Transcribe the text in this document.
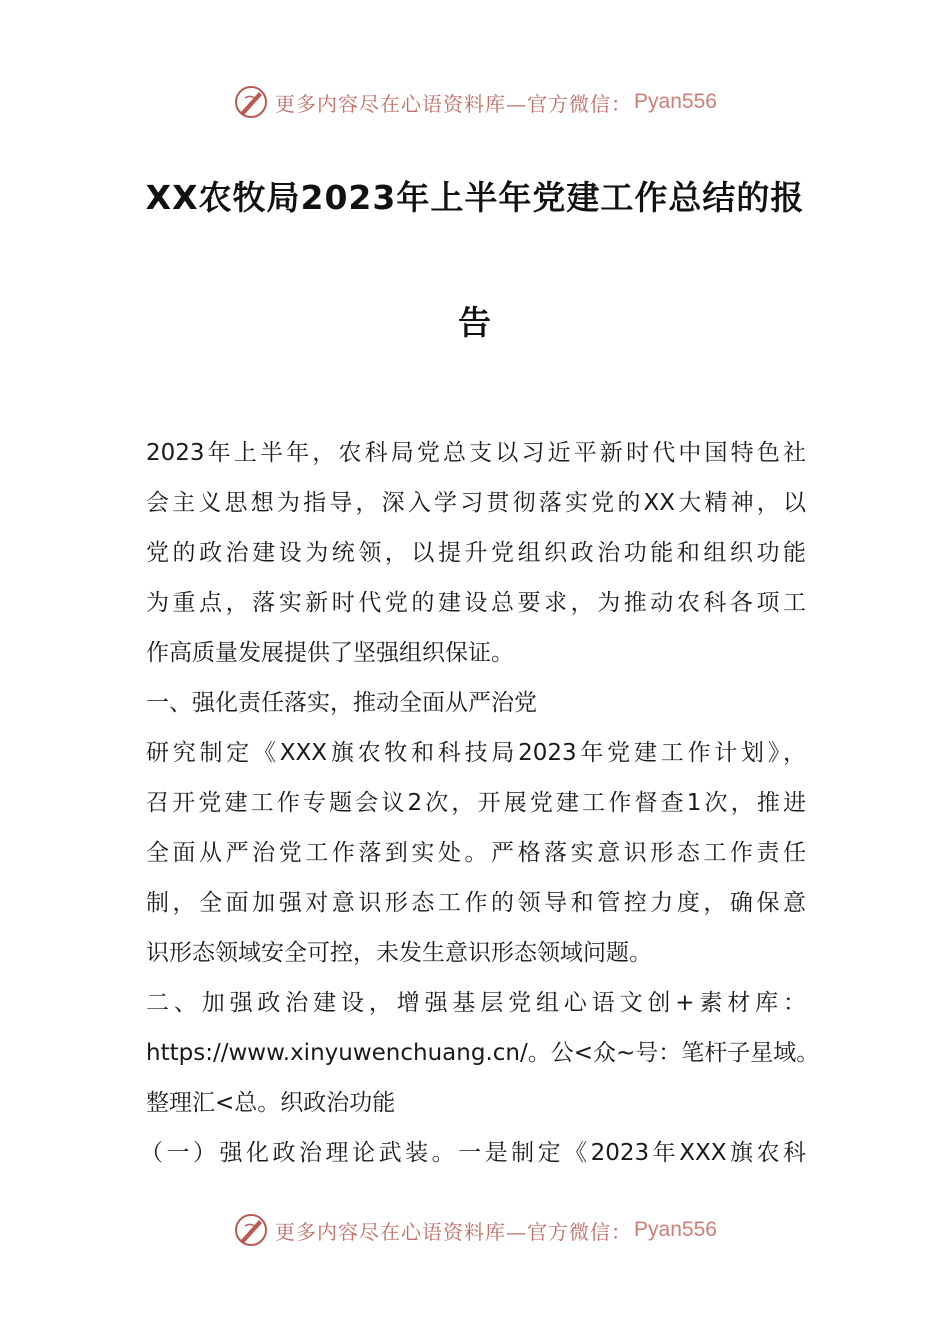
更多内容尽在心语资料库—官方微信： Pyan556
XX农牧局2023年上半年党建工作总结的报
告
2023年上半年，农科局党总支以习近平新时代中国特色社
会主义思想为指导，深入学习贯彻落实党的XX大精神，以
党的政治建设为统领，以提升党组织政治功能和组织功能
为重点，落实新时代党的建设总要求，为推动农科各项工
作高质量发展提供了坚强组织保证。
一、强化责任落实，推动全面从严治党
研究制定《XXX旗农牧和科技局2023年党建工作计划》，
召开党建工作专题会议2次，开展党建工作督查1次，推进
全面从严治党工作落到实处。严格落实意识形态工作责任
制，全面加强对意识形态工作的领导和管控力度，确保意
识形态领域安全可控，未发生意识形态领域问题。
二、加强政治建设，增强基层党组心语文创+素材库：
https://www.xinyuwenchuang.cn/。公<众~号：笔杆子星域。
整理汇<总。织政治功能
（一）强化政治理论武装。一是制定《2023年XXX旗农科
更多内容尽在心语资料库—官方微信： Pyan556
